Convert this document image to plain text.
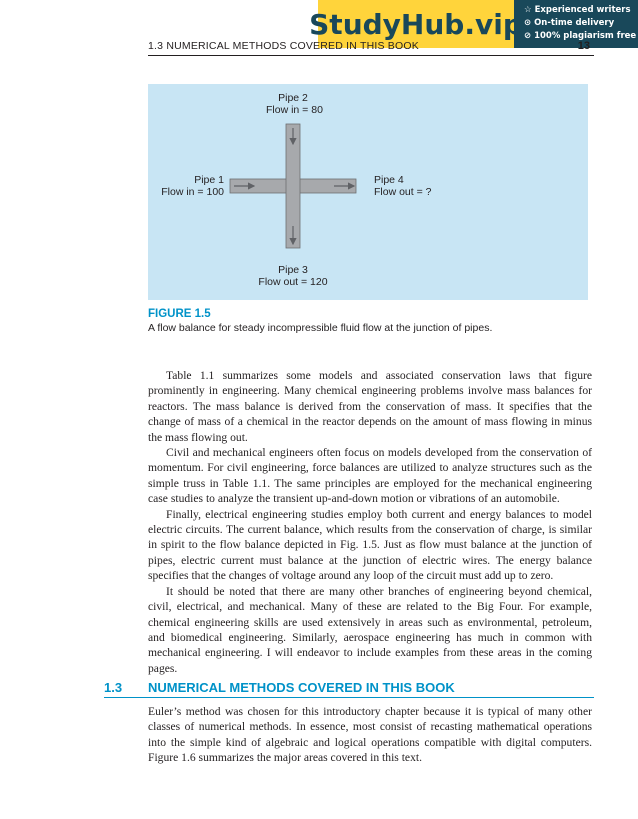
StudyHub.vip ☆ Experienced writers
⊙ On-time delivery
⊘ 100% plagiarism free
1.3 NUMERICAL METHODS COVERED IN THIS BOOK	13
Pipe 2
Flow in = 80
Pipe 1
Flow in = 100
Pipe 4
Flow out = ?
Pipe 3
Flow out = 120
FIGURE 1.5
A flow balance for steady incompressible fluid flow at the junction of pipes.

Table 1.1 summarizes some models and associated conservation laws that figure prominently in engineering. Many chemical engineering problems involve mass balances for reactors. The mass balance is derived from the conservation of mass. It specifies that the change of mass of a chemical in the reactor depends on the amount of mass flowing in minus the mass flowing out.

Civil and mechanical engineers often focus on models developed from the conservation of momentum. For civil engineering, force balances are utilized to analyze structures such as the simple truss in Table 1.1. The same principles are employed for the mechanical engineering case studies to analyze the transient up-and-down motion or vibrations of an automobile.

Finally, electrical engineering studies employ both current and energy balances to model electric circuits. The current balance, which results from the conservation of charge, is similar in spirit to the flow balance depicted in Fig. 1.5. Just as flow must balance at the junction of pipes, electric current must balance at the junction of electric wires. The energy balance specifies that the changes of voltage around any loop of the circuit must add up to zero.

It should be noted that there are many other branches of engineering beyond chemical, civil, electrical, and mechanical. Many of these are related to the Big Four. For example, chemical engineering skills are used extensively in areas such as environmental, petroleum, and biomedical engineering. Similarly, aerospace engineering has much in common with mechanical engineering. I will endeavor to include examples from these areas in the coming pages.

1.3	NUMERICAL METHODS COVERED IN THIS BOOK

Euler’s method was chosen for this introductory chapter because it is typical of many other classes of numerical methods. In essence, most consist of recasting mathematical operations into the simple kind of algebraic and logical operations compatible with digital computers. Figure 1.6 summarizes the major areas covered in this text.
